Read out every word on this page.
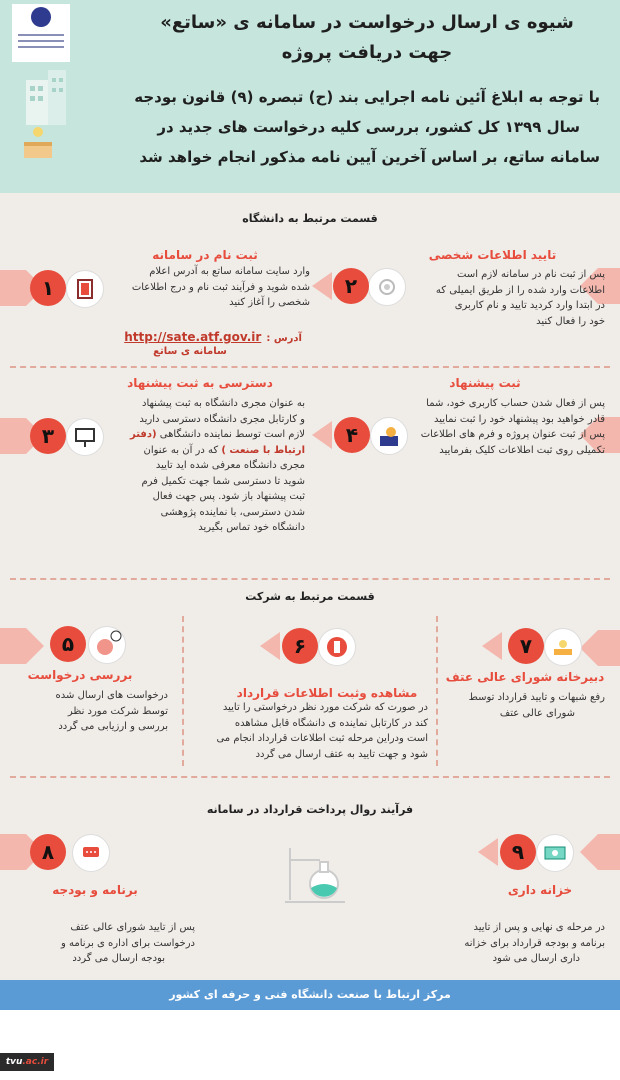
شیوه ی ارسال درخواست در سامانه ی «ساتع»
جهت دریافت پروژه
با توجه به ابلاغ آئین نامه اجرایی بند (ح) تبصره (۹) قانون بودجه
سال ۱۳۹۹ کل کشور، بررسی کلیه درخواست های جدید در
سامانه ساتع، بر اساس آخرین آیین نامه مذکور انجام خواهد شد
قسمت مرتبط به دانشگاه
تایید اطلاعات شخصی
پس از ثبت نام در سامانه لازم است
اطلاعات وارد شده را از طریق ایمیلی که
در ابتدا وارد کردید تایید و نام کاربری
خود را فعال کنید
۲
۱
ثبت نام در سامانه
وارد سایت سامانه ساتع به آدرس اعلام
شده شوید و فرآیند ثبت نام و درج اطلاعات
شخصی را آغاز کنید
آدرس : http://sate.atf.gov.ir
سامانه ی ساتع
ثبت پیشنهاد
پس از فعال شدن حساب کاربری خود، شما
قادر خواهید بود پیشنهاد خود را ثبت نمایید
پس از ثبت عنوان پروژه و فرم های اطلاعات
تکمیلی روی ثبت اطلاعات کلیک بفرمایید
۴
۳
دسترسی به ثبت پیشنهاد
به عنوان مجری دانشگاه به ثبت پیشنهاد
و کارتابل مجری دانشگاه دسترسی دارید
لازم است توسط نماینده دانشگاهی (دفتر
ارتباط با صنعت ) که در آن به عنوان
مجری دانشگاه معرفی شده اید تایید
شوید تا دسترسی شما جهت تکمیل فرم
ثبت پیشنهاد باز شود. پس جهت فعال
شدن دسترسی، با نماینده پژوهشی
دانشگاه خود تماس بگیرید
قسمت مرتبط به شرکت
۷
دبیرخانه شورای عالی عتف
رفع شبهات و تایید قرارداد توسط
شورای عالی عتف
۶
مشاهده وثبت اطلاعات قرارداد
در صورت که شرکت مورد نظر درخواستی را تایید
کند در کارتابل نماینده ی دانشگاه قابل مشاهده
است ودراین مرحله ثبت اطلاعات قرارداد انجام می
شود و جهت تایید به عتف ارسال می گردد
۵
بررسی درخواست
درخواست های ارسال شده
توسط شرکت مورد نظر
بررسی و ارزیابی می گردد
فرآیند روال پرداخت قرارداد در سامانه
۹
خزانه داری
در مرحله ی نهایی و پس از تایید
برنامه و بودجه قرارداد برای خزانه
داری ارسال می شود
۸
برنامه و بودجه
پس از تایید شورای عالی عتف
درخواست برای اداره ی برنامه و
بودجه ارسال می گردد
مرکز ارتباط با صنعت دانشگاه فنی و حرفه ای کشور
tvu.ac.ir
